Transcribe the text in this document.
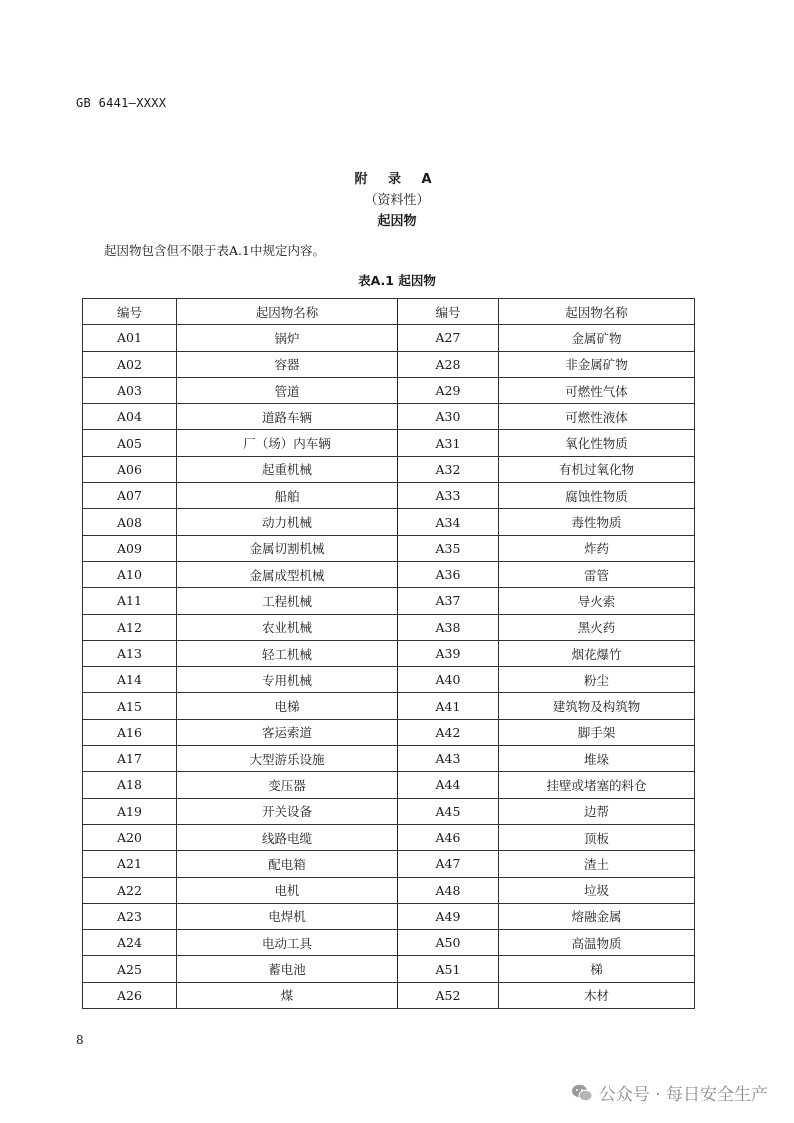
GB 6441—XXXX
附 录 A
（资料性）
起因物
起因物包含但不限于表A.1中规定内容。
表A.1 起因物
编号	起因物名称	编号	起因物名称
A01	锅炉	A27	金属矿物
A02	容器	A28	非金属矿物
A03	管道	A29	可燃性气体
A04	道路车辆	A30	可燃性液体
A05	厂（场）内车辆	A31	氧化性物质
A06	起重机械	A32	有机过氧化物
A07	船舶	A33	腐蚀性物质
A08	动力机械	A34	毒性物质
A09	金属切割机械	A35	炸药
A10	金属成型机械	A36	雷管
A11	工程机械	A37	导火索
A12	农业机械	A38	黑火药
A13	轻工机械	A39	烟花爆竹
A14	专用机械	A40	粉尘
A15	电梯	A41	建筑物及构筑物
A16	客运索道	A42	脚手架
A17	大型游乐设施	A43	堆垛
A18	变压器	A44	挂壁或堵塞的料仓
A19	开关设备	A45	边帮
A20	线路电缆	A46	顶板
A21	配电箱	A47	渣土
A22	电机	A48	垃圾
A23	电焊机	A49	熔融金属
A24	电动工具	A50	高温物质
A25	蓄电池	A51	梯
A26	煤	A52	木材
8
公众号 · 每日安全生产
